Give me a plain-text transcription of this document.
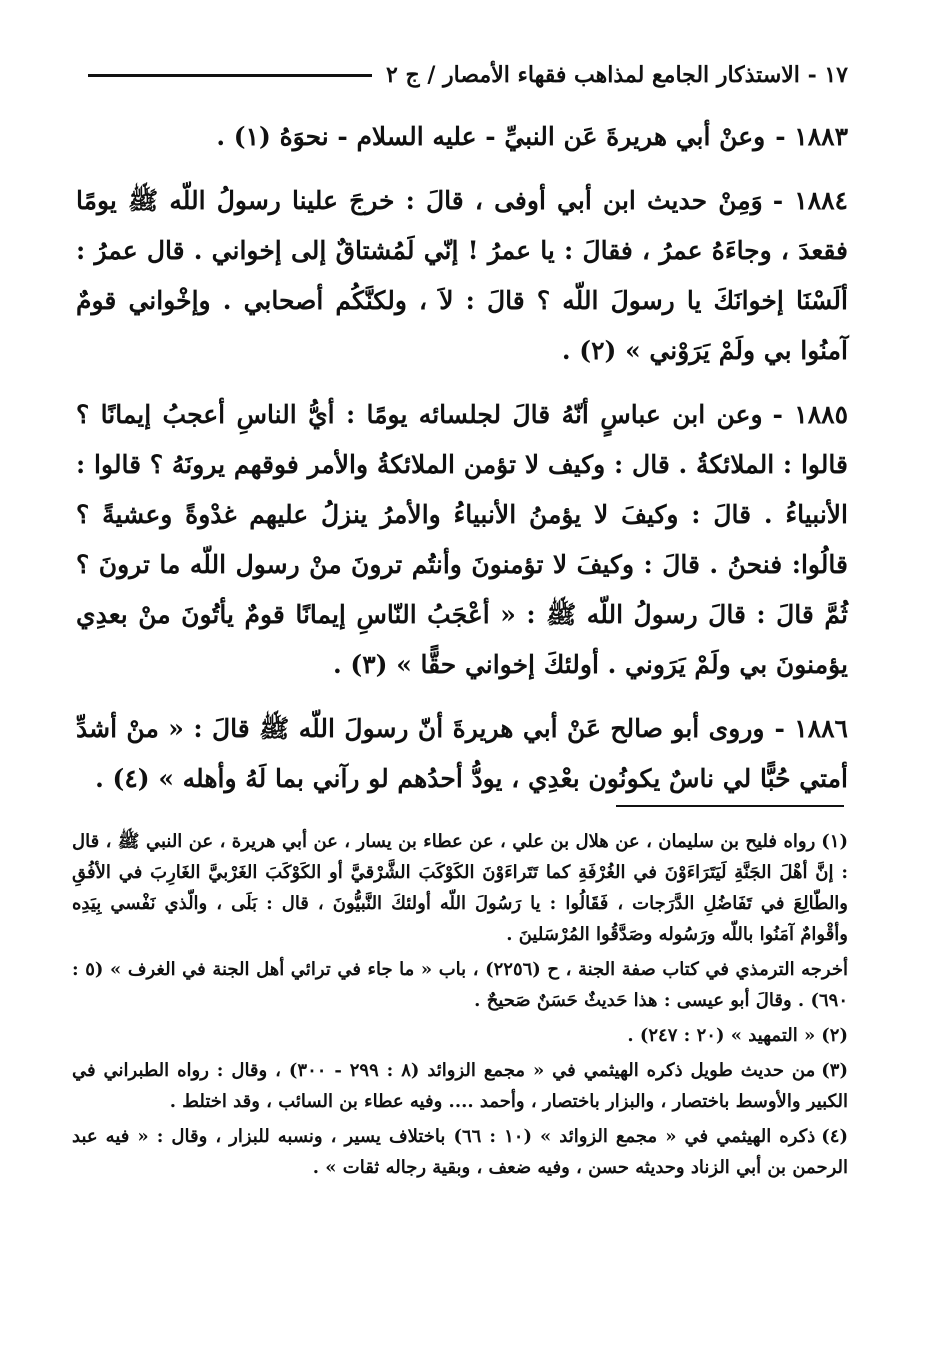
١٧ - الاستذكار الجامع لمذاهب فقهاء الأمصار / ج ٢

١٨٨٣ -وعنْ أبي هريرةَ عَن النبيِّ - عليه السلام - نحوَهُ (١) .

١٨٨٤ -وَمِنْ حديث ابن أبي أوفى ، قالَ : خرجَ علينا رسولُ اللّه ﷺ يومًا فقعدَ ، وجاءَهُ عمرُ ، فقالَ : يا عمرُ ! إنّي لَمُشتاقٌ إلى إخواني . قال عمرُ : ألَسْنَا إخوانَكَ يا رسولَ اللّه ؟ قالَ : لاَ ، ولكنَّكُم أصحابي . وإخْواني قومٌ آمنُوا بي ولَمْ يَرَوْني » (٢) .

١٨٨٥ -وعن ابن عباسٍ أنّهُ قالَ لجلسائه يومًا : أيُّ الناسِ أعجبُ إيمانًا ؟ قالوا : الملائكةُ . قال : وكيف لا تؤمن الملائكةُ والأمر فوقهم يرونَهُ ؟ قالوا : الأنبياءُ . قالَ : وكيفَ لا يؤمنُ الأنبياءُ والأمرُ ينزلُ عليهم غدْوةً وعشيةً ؟ قالُوا: فنحنُ . قالَ : وكيفَ لا تؤمنونَ وأنتُم ترونَ منْ رسول اللّه ما ترونَ ؟ ثُمَّ قالَ : قالَ رسولُ اللّه ﷺ : « أعْجَبُ النّاسِ إيمانًا قومٌ يأتُونَ منْ بعدِي يؤمنونَ بي ولَمْ يَرَوني . أولئكَ إخواني حقًّا » (٣) .

١٨٨٦ -وروى أبو صالح عَنْ أبي هريرةَ أنّ رسولَ اللّه ﷺ قالَ : « منْ أشدِّ أمتي حُبًّا لي ناسٌ يكونُون بعْدِي ، يودُّ أحدُهم لو رآني بما لَهُ وأهله » (٤) .

(١)رواه فليح بن سليمان ، عن هلال بن علي ، عن عطاء بن يسار ، عن أبي هريرة ، عن النبي ﷺ ، قال : إنَّ أهْلَ الجَنَّةِ لَيَتَرَاءَوْنَ في الغُرْفَةِ كما تَتَراءَوْنَ الكَوْكَبَ الشَّرْقيَّ أو الكَوْكَبَ الغَرْبيَّ الغَارِبَ في الأفُقِ والطّالِعَ في تَفَاضُلِ الدَّرَجات ، فَقَالُوا : يا رَسُولَ اللّه أولئكَ النَّبيُّونَ ، قال : بَلَى ، والّذي نَفْسي بِيَدِه وأقْوامٌ آمَنُوا باللّه ورَسُوله وصَدَّقُوا المُرْسَلينَ .

أخرجه الترمذي في كتاب صفة الجنة ، ح (٢٢٥٦) ، باب « ما جاء في ترائي أهل الجنة في الغرف » (٥ : ٦٩٠) . وقالَ أبو عيسى : هذا حَديثٌ حَسَنٌ صَحيحٌ .

(٢)« التمهيد » (٢٠ : ٢٤٧) .

(٣)من حديث طويل ذكره الهيثمي في « مجمع الزوائد (٨ : ٢٩٩ - ٣٠٠) ، وقال : رواه الطبراني في الكبير والأوسط باختصار ، والبزار باختصار ، وأحمد .... وفيه عطاء بن السائب ، وقد اختلط .

(٤)ذكره الهيثمي في « مجمع الزوائد » (١٠ : ٦٦) باختلاف يسير ، ونسبه للبزار ، وقال : « فيه عبد الرحمن بن أبي الزناد وحديثه حسن ، وفيه ضعف ، وبقية رجاله ثقات » .
